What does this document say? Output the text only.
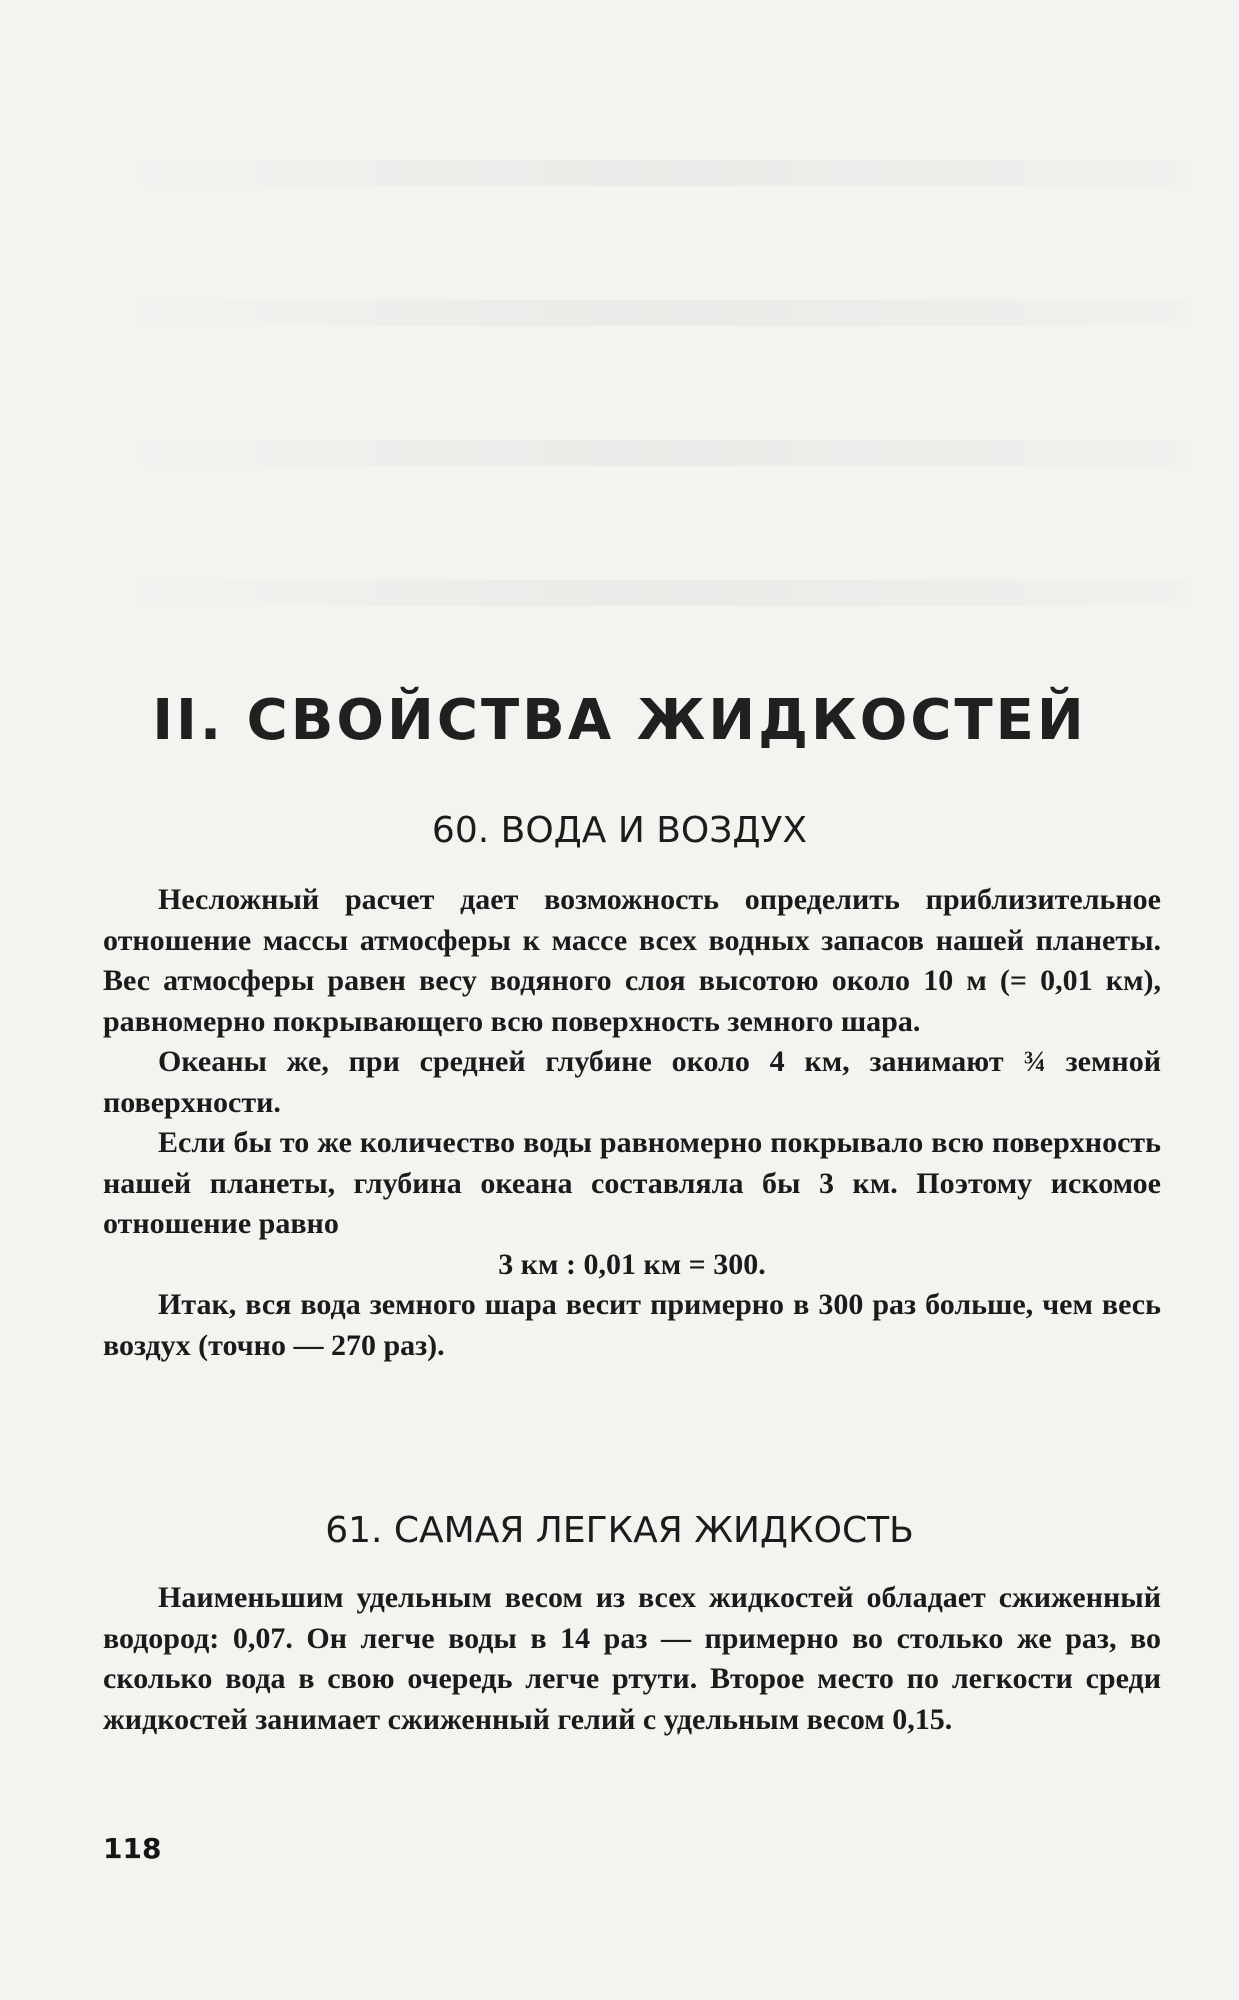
II. СВОЙСТВА ЖИДКОСТЕЙ
60. ВОДА И ВОЗДУХ

Несложный расчет дает возможность определить приблизительное отношение массы атмосферы к массе всех водных запасов нашей планеты. Вес атмосферы равен весу водяного слоя высотою около 10 м (= 0,01 км), равномерно покрывающего всю поверхность земного шара.

Океаны же, при средней глубине около 4 км, занимают ¾ земной поверхности.

Если бы то же количество воды равномерно покрывало всю поверхность нашей планеты, глубина океана составляла бы 3 км. Поэтому искомое отношение равно

3 км : 0,01 км = 300.

Итак, вся вода земного шара весит примерно в 300 раз больше, чем весь воздух (точно — 270 раз).

61. САМАЯ ЛЕГКАЯ ЖИДКОСТЬ

Наименьшим удельным весом из всех жидкостей обладает сжиженный водород: 0,07. Он легче воды в 14 раз — примерно во столько же раз, во сколько вода в свою очередь легче ртути. Второе место по легкости среди жидкостей занимает сжиженный гелий с удельным весом 0,15.

118
